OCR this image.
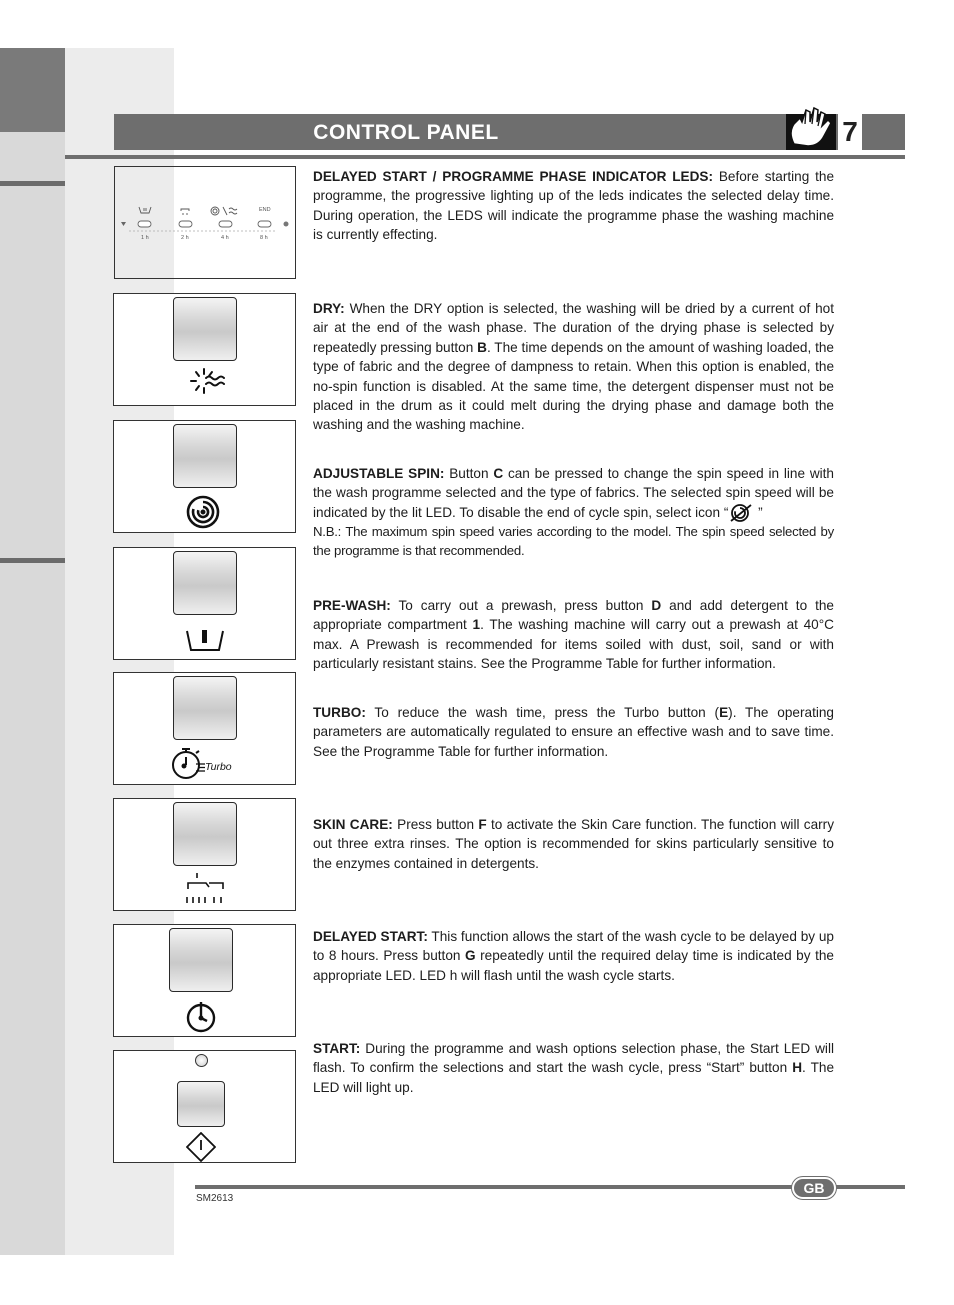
CONTROL PANEL	7
END
1 h	2 h	4 h	8 h
Turbo
DELAYED START / PROGRAMME PHASE INDICATOR LEDS: Before starting the programme, the progressive lighting up of the leds indicates the selected delay time. During operation, the LEDS will indicate the programme phase the washing machine is currently effecting.
DRY: When the DRY option is selected, the washing will be dried by a current of hot air at the end of the wash phase. The duration of the drying phase is selected by repeatedly pressing button B. The time depends on the amount of washing loaded, the type of fabric and the degree of dampness to retain. When this option is enabled, the no-spin function is disabled. At the same time, the detergent dispenser must not be placed in the drum as it could melt during the drying phase and damage both the washing and the washing machine.
ADJUSTABLE SPIN: Button C can be pressed to change the spin speed in line with the wash programme selected and the type of fabrics. The selected spin speed will be indicated by the lit LED. To disable the end of cycle spin, select icon “ ”
N.B.: The maximum spin speed varies according to the model. The spin speed selected by the programme is that recommended.
PRE-WASH: To carry out a prewash, press button D and add detergent to the appropriate compartment 1. The washing machine will carry out a prewash at 40°C max. A Prewash is recommended for items soiled with dust, soil, sand or with particularly resistant stains. See the Programme Table for further information.
TURBO: To reduce the wash time, press the Turbo button (E). The operating parameters are automatically regulated to ensure an effective wash and to save time. See the Programme Table for further information.
SKIN CARE: Press button F to activate the Skin Care function. The function will carry out three extra rinses. The option is recommended for skins particularly sensitive to the enzymes contained in detergents.
DELAYED START: This function allows the start of the wash cycle to be delayed by up to 8 hours. Press button G repeatedly until the required delay time is indicated by the appropriate LED. LED h will flash until the wash cycle starts.
START: During the programme and wash options selection phase, the Start LED will flash. To confirm the selections and start the wash cycle, press “Start” button H. The LED will light up.
GB
SM2613
